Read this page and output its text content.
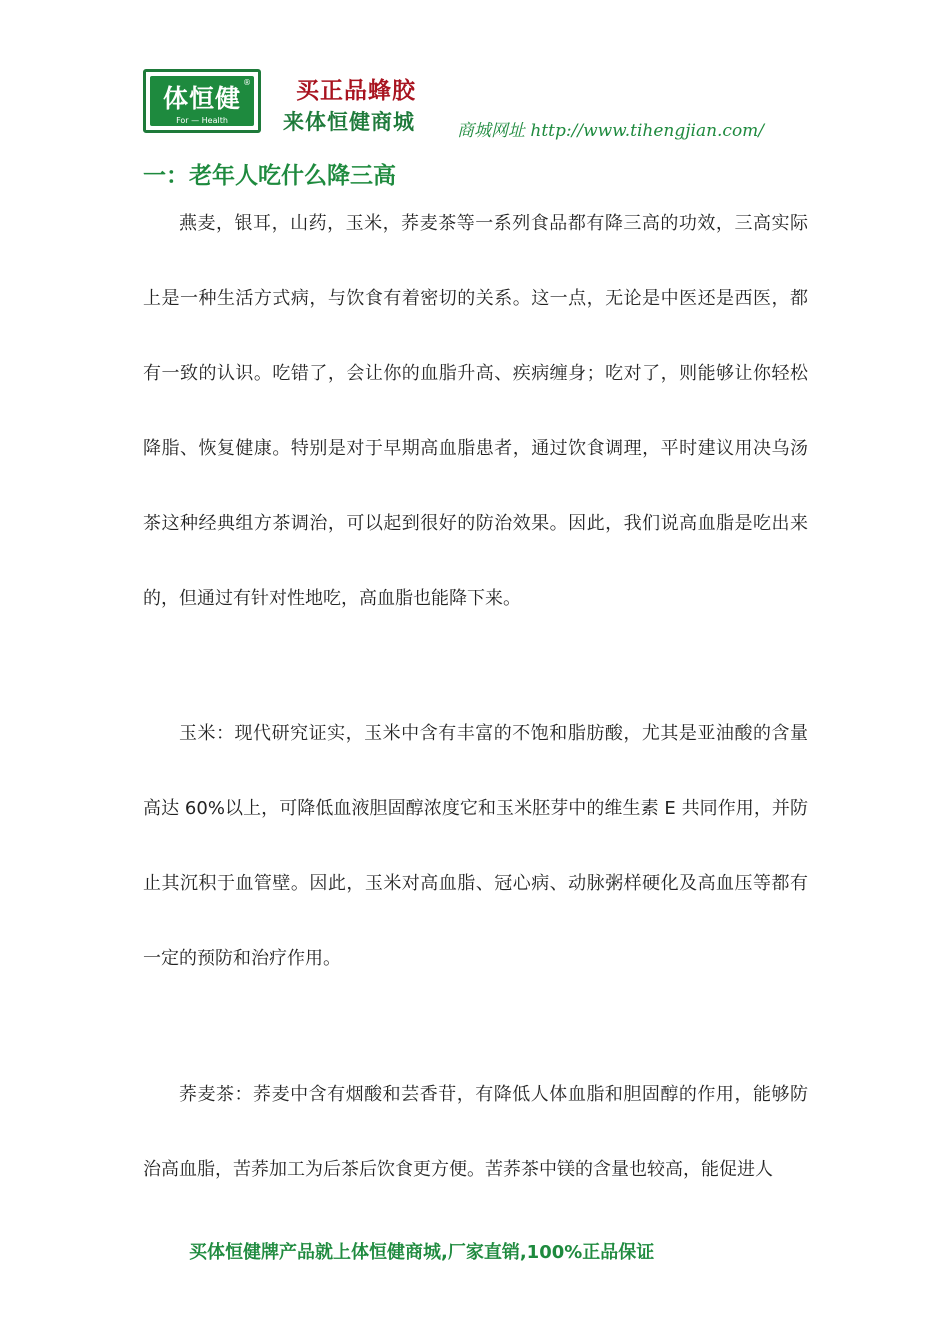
体恒健
®
For — Health
买正品蜂胶
来体恒健商城 商城网址 http://www.tihengjian.com/
一：老年人吃什么降三高

燕麦，银耳，山药，玉米，荞麦茶等一系列食品都有降三高的功效，三高实际上是一种生活方式病，与饮食有着密切的关系。这一点，无论是中医还是西医，都有一致的认识。吃错了，会让你的血脂升高、疾病缠身；吃对了，则能够让你轻松降脂、恢复健康。特别是对于早期高血脂患者，通过饮食调理，平时建议用决乌汤茶这种经典组方茶调治，可以起到很好的防治效果。因此，我们说高血脂是吃出来的，但通过有针对性地吃，高血脂也能降下来。

玉米：现代研究证实，玉米中含有丰富的不饱和脂肪酸，尤其是亚油酸的含量高达 60%以上，可降低血液胆固醇浓度它和玉米胚芽中的维生素 E 共同作用，并防止其沉积于血管壁。因此，玉米对高血脂、冠心病、动脉粥样硬化及高血压等都有一定的预防和治疗作用。

荞麦茶：荞麦中含有烟酸和芸香苷，有降低人体血脂和胆固醇的作用，能够防治高血脂，苦荞加工为后茶后饮食更方便。苦荞茶中镁的含量也较高，能促进人

买体恒健牌产品就上体恒健商城,厂家直销,100%正品保证
